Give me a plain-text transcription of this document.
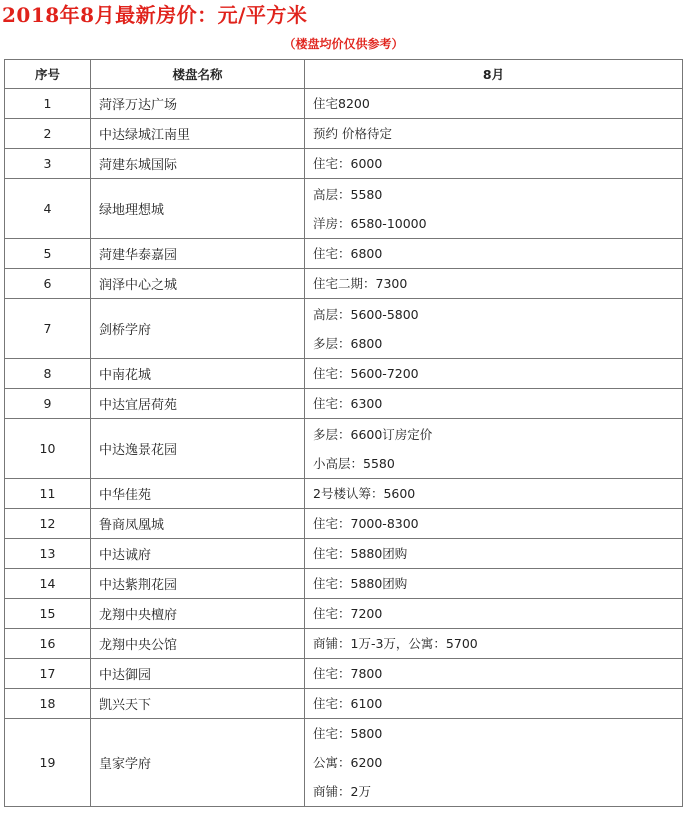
2018年8月最新房价：元/平方米
（楼盘均价仅供参考）
序号	楼盘名称	8月
1	菏泽万达广场	住宅8200

2	中达绿城江南里	预约 价格待定

3	菏建东城国际	住宅：6000

4	绿地理想城	高层：5580
洋房：6580-10000

5	菏建华泰嘉园	住宅：6800

6	润泽中心之城	住宅二期：7300

7	剑桥学府	高层：5600-5800
多层：6800

8	中南花城	住宅：5600-7200

9	中达宜居荷苑	住宅：6300

10	中达逸景花园	多层：6600订房定价
小高层：5580

11	中华佳苑	2号楼认筹：5600

12	鲁商凤凰城	住宅：7000-8300

13	中达诚府	住宅：5880团购

14	中达紫荆花园	住宅：5880团购

15	龙翔中央檀府	住宅：7200

16	龙翔中央公馆	商铺：1万-3万，公寓：5700

17	中达御园	住宅：7800

18	凯兴天下	住宅：6100

19	皇家学府	住宅：5800
公寓：6200
商铺：2万
